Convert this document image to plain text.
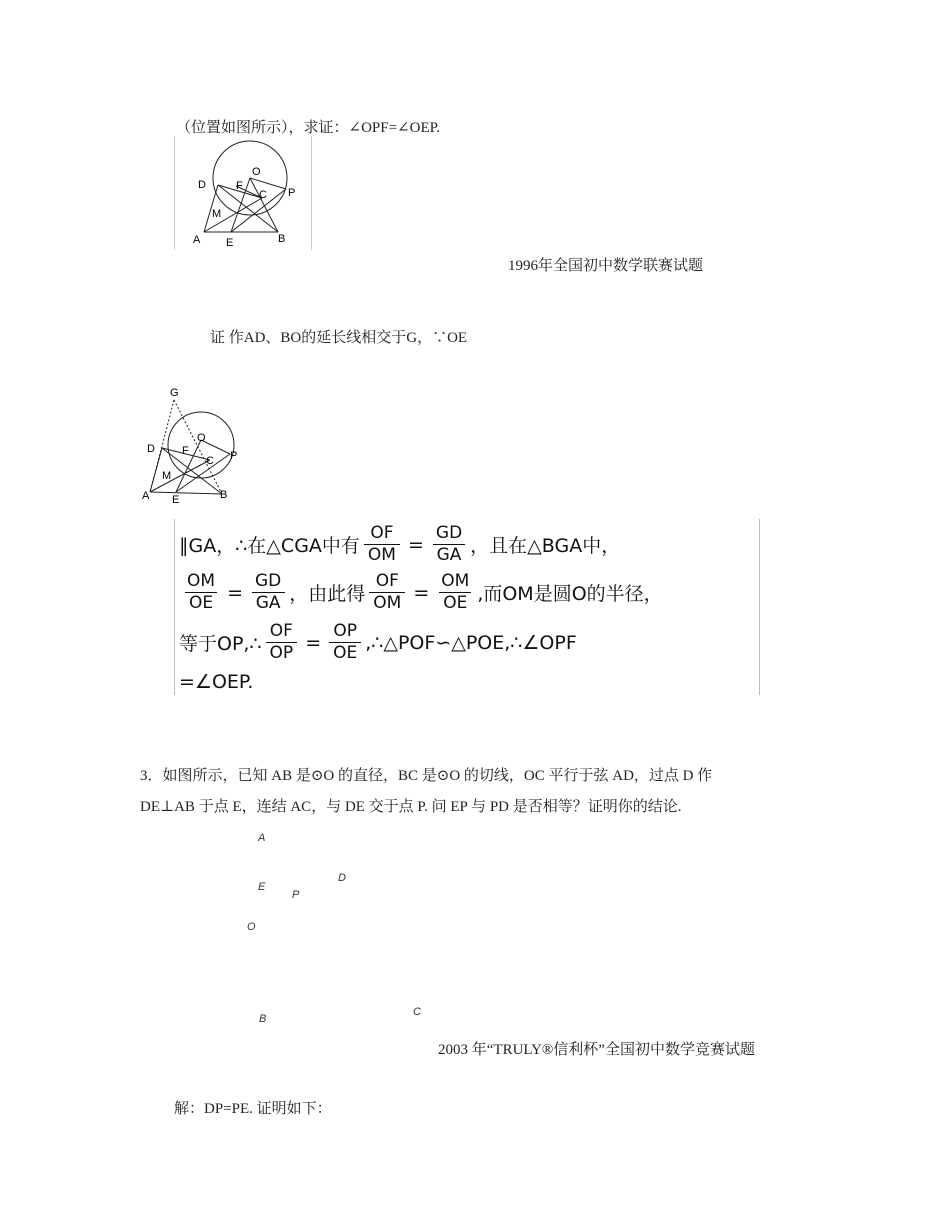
（位置如图所示），求证：∠OPF=∠OEP.
O
D	F
P
C
M
A E	B
1996年全国初中数学联赛试题
证 作AD、BO的延长线相交于G，∵OE
G
O
D F	P
C
M
A E	B
∥GA，∴在△CGA中有 $\frac{OF}{OM} = \frac{GD}{GA}$ ，且在△BGA中，
$\frac{OM}{OE} = \frac{GD}{GA}$ ，由此得 $\frac{OF}{OM} = \frac{OM}{OE}$ ,而OM是圆O的半径，
等于OP,∴ $\frac{OF}{OP} = \frac{OP}{OE}$ ,∴△POF∽△POE,∴∠OPF
=∠OEP.
3．如图所示，已知 AB 是⊙O 的直径，BC 是⊙O 的切线，OC 平行于弦 AD，过点 D 作
DE⊥AB 于点 E，连结 AC，与 DE 交于点 P. 问 EP 与 PD 是否相等？证明你的结论.
A
D
E
P
O
C
B
2003 年“TRULY®信利杯”全国初中数学竞赛试题
解：DP=PE. 证明如下：
